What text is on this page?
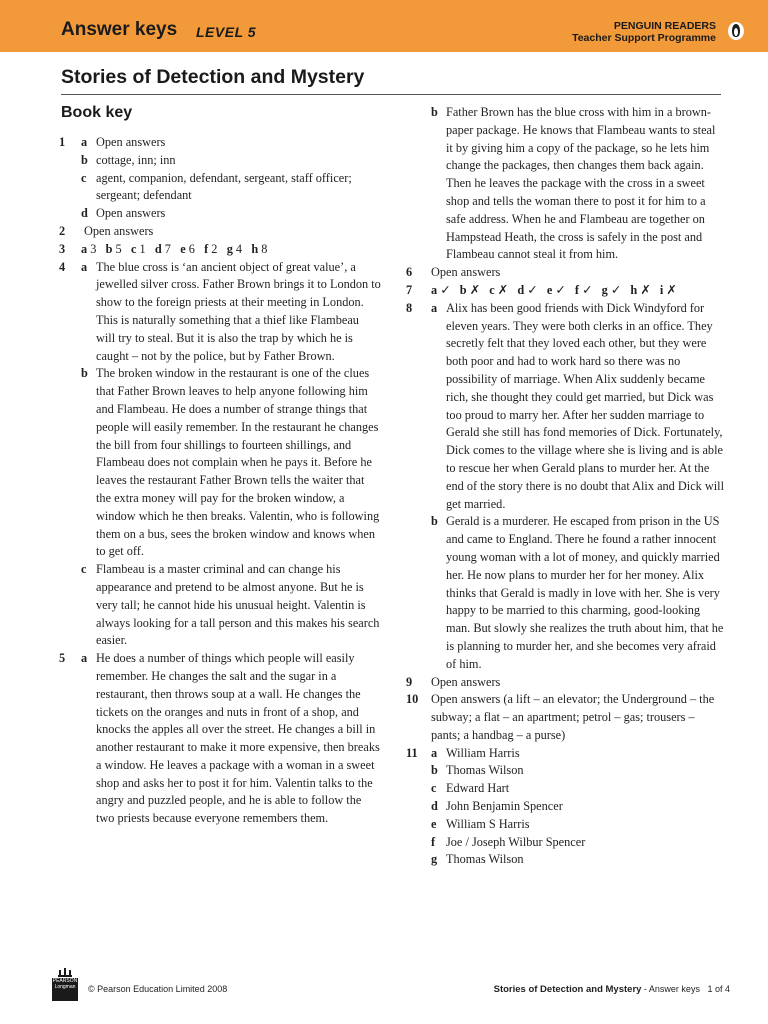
Answer keys LEVEL 5	PENGUIN READERS
Teacher Support Programme
Stories of Detection and Mystery
Book key
1	a Open answers
b cottage, inn; inn
c agent, companion, defendant, sergeant, staff officer; sergeant; defendant
d Open answers
2	Open answers
3	a 3 b 5 c 1 d 7 e 6 f 2 g 4 h 8
4	a The blue cross is ‘an ancient object of great value’, a jewelled silver cross. Father Brown brings it to London to show to the foreign priests at their meeting in London. This is naturally something that a thief like Flambeau will try to steal. But it is also the trap by which he is caught – not by the police, but by Father Brown.
b The broken window in the restaurant is one of the clues that Father Brown leaves to help anyone following him and Flambeau. He does a number of strange things that people will easily remember. In the restaurant he changes the bill from four shillings to fourteen shillings, and Flambeau does not complain when he pays it. Before he leaves the restaurant Father Brown tells the waiter that the extra money will pay for the broken window, a window which he then breaks. Valentin, who is following them on a bus, sees the broken window and knows when to get off.
c Flambeau is a master criminal and can change his appearance and pretend to be almost anyone. But he is very tall; he cannot hide his unusual height. Valentin is always looking for a tall person and this makes his search easier.
5	a He does a number of things which people will easily remember. He changes the salt and the sugar in a restaurant, then throws soup at a wall. He changes the tickets on the oranges and nuts in front of a shop, and knocks the apples all over the street. He changes a bill in another restaurant to make it more expensive, then breaks a window. He leaves a package with a woman in a sweet shop and asks her to post it for him. Valentin talks to the angry and puzzled people, and he is able to follow the two priests because everyone remembers them.
b Father Brown has the blue cross with him in a brown-paper package. He knows that Flambeau wants to steal it by giving him a copy of the package, so he lets him change the packages, then changes them back again. Then he leaves the package with the cross in a sweet shop and tells the woman there to post it for him to a safe address. When he and Flambeau are together on Hampstead Heath, the cross is safely in the post and Flambeau cannot steal it from him.
6	Open answers
7	a ✓ b ✗ c ✗ d ✓ e ✓ f ✓ g ✓ h ✗ i ✗
8	a Alix has been good friends with Dick Windyford for eleven years. They were both clerks in an office. They secretly felt that they loved each other, but they were both poor and had to work hard so there was no possibility of marriage. When Alix suddenly became rich, she thought they could get married, but Dick was too proud to marry her. After her sudden marriage to Gerald she still has fond memories of Dick. Fortunately, Dick comes to the village where she is living and is able to rescue her when Gerald plans to murder her. At the end of the story there is no doubt that Alix and Dick will get married.
b Gerald is a murderer. He escaped from prison in the US and came to England. There he found a rather innocent young woman with a lot of money, and quickly married her. He now plans to murder her for her money. Alix thinks that Gerald is madly in love with her. She is very happy to be married to this charming, good-looking man. But slowly she realizes the truth about him, that he is planning to murder her, and she becomes very afraid of him.
9	Open answers
10	Open answers (a lift – an elevator; the Underground – the subway; a flat – an apartment; petrol – gas; trousers – pants; a handbag – a purse)
11	a William Harris
b Thomas Wilson
c Edward Hart
d John Benjamin Spencer
e William S Harris
f Joe / Joseph Wilbur Spencer
g Thomas Wilson
PEARSON Longman © Pearson Education Limited 2008	Stories of Detection and Mystery - Answer keys 1 of 4
